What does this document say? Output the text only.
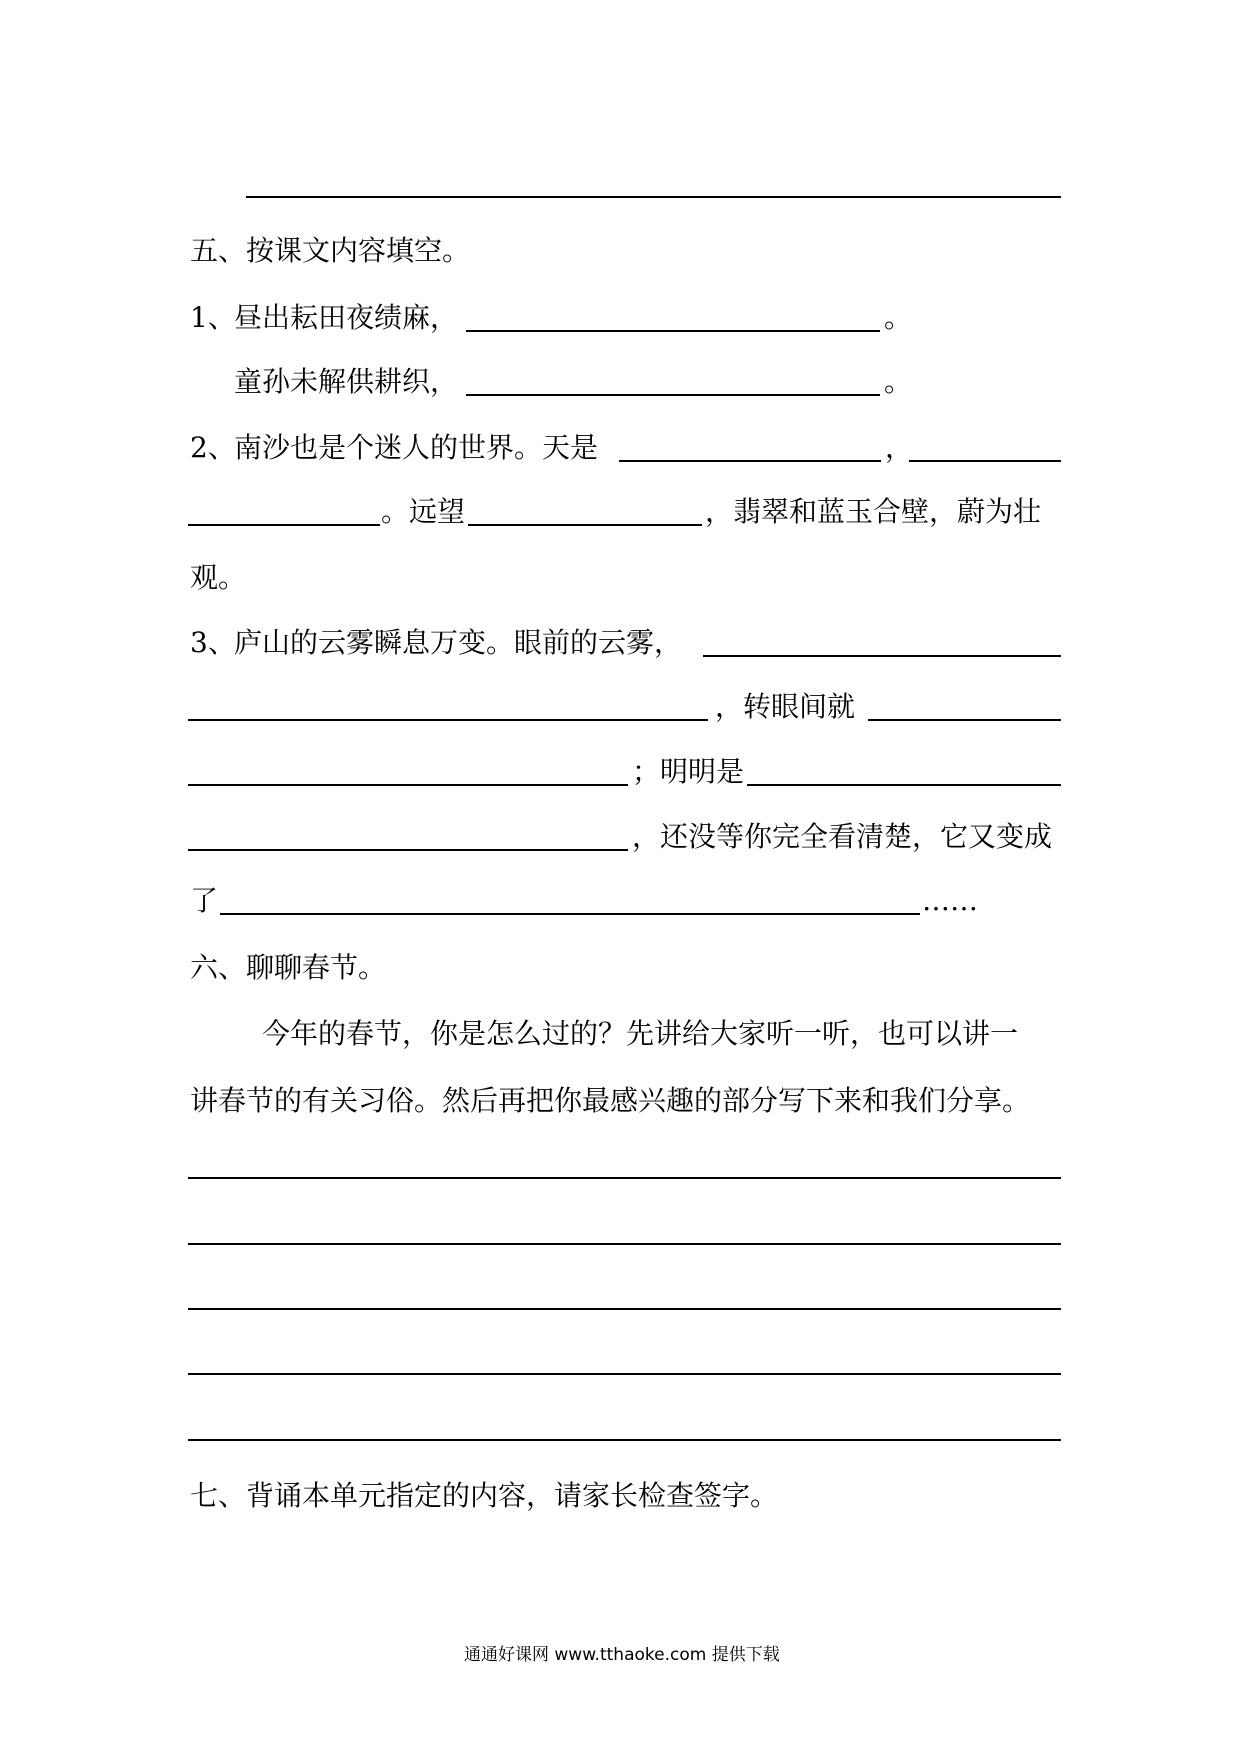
五、按课文内容填空。
1、
昼出耘田夜绩麻，	。
童孙未解供耕织，	。
2、
南沙也是个迷人的世界。天是	，
。远望	，翡翠和蓝玉合壁，蔚为壮
观。
3、
庐山的云雾瞬息万变。眼前的云雾，
，转眼间就
；明明是
，还没等你完全看清楚，它又变成
了	……
六、聊聊春节。
今年的春节，你是怎么过的？先讲给大家听一听，也可以讲一
讲春节的有关习俗。然后再把你最感兴趣的部分写下来和我们分享。
七、背诵本单元指定的内容，请家长检查签字。
通通好课网 www.tthaoke.com 提供下载
